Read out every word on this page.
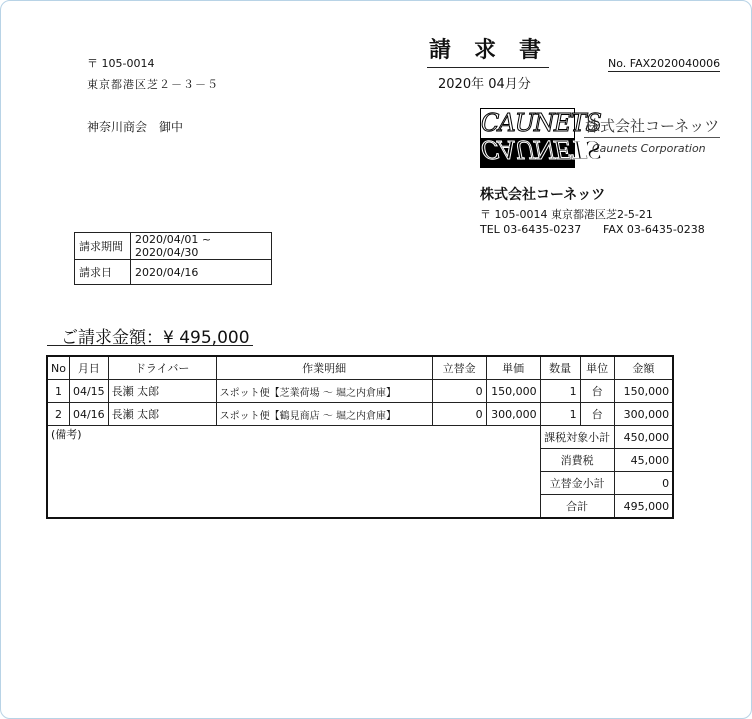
〒 105-0014
東京都港区芝２－３－５
神奈川商会　御中
請求書
2020年 04月分
No. FAX2020040006
CAUNETS
CAUNETS
株式会社コーネッツ
Caunets Corporation
株式会社コーネッツ
〒 105-0014 東京都港区芝2-5-21
TEL 03-6435-0237 FAX 03-6435-0238
請求期間	2020/04/01 ~ 2020/04/30
請求日	2020/04/16
ご請求金額：¥ 495,000
No	月日	ドライバー	作業明細	立替金	単価	数量	単位	金額
1	04/15	長瀬 太郎	スポット便【芝業荷場 ～ 堀之内倉庫】	0	150,000	1	台	150,000
2	04/16	長瀬 太郎	スポット便【鶴見商店 ～ 堀之内倉庫】	0	300,000	1	台	300,000
(備考)						課税対象小計		450,000
						消費税		45,000
						立替金小計		0
						合計		495,000
